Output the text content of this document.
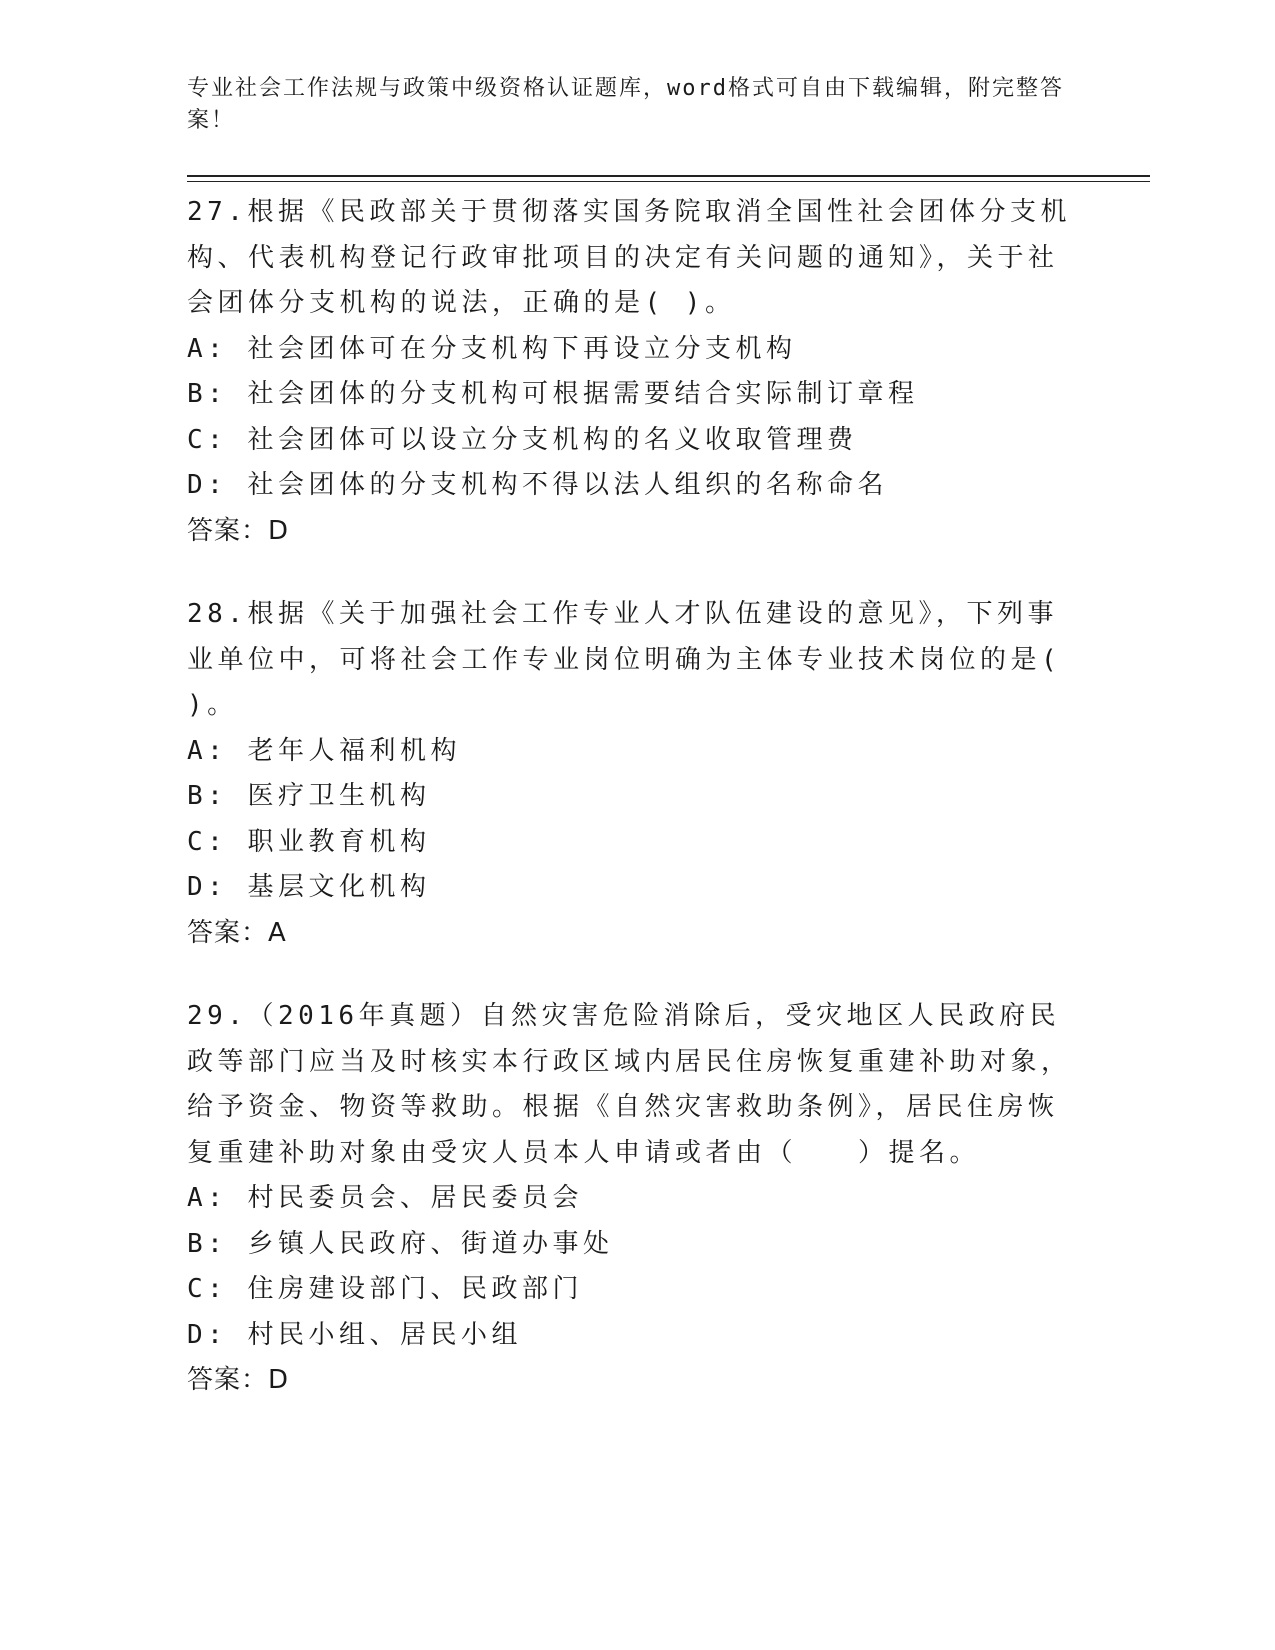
专业社会工作法规与政策中级资格认证题库，word格式可自由下载编辑，附完整答案！

27.根据《民政部关于贯彻落实国务院取消全国性社会团体分支机构、代表机构登记行政审批项目的决定有关问题的通知》，关于社会团体分支机构的说法，正确的是( )。

A: 社会团体可在分支机构下再设立分支机构

B: 社会团体的分支机构可根据需要结合实际制订章程

C: 社会团体可以设立分支机构的名义收取管理费

D: 社会团体的分支机构不得以法人组织的名称命名

答案：D

28.根据《关于加强社会工作专业人才队伍建设的意见》，下列事业单位中，可将社会工作专业岗位明确为主体专业技术岗位的是( )。

A: 老年人福利机构

B: 医疗卫生机构

C: 职业教育机构

D: 基层文化机构

答案：A

29.（2016年真题）自然灾害危险消除后，受灾地区人民政府民政等部门应当及时核实本行政区域内居民住房恢复重建补助对象，给予资金、物资等救助。根据《自然灾害救助条例》，居民住房恢复重建补助对象由受灾人员本人申请或者由（　　）提名。

A: 村民委员会、居民委员会

B: 乡镇人民政府、街道办事处

C: 住房建设部门、民政部门

D: 村民小组、居民小组

答案：D
